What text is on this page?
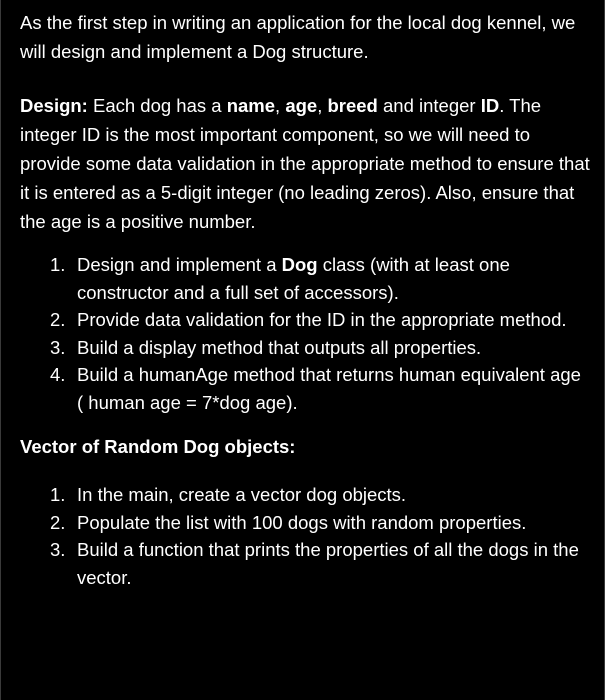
As the first step in writing an application for the local dog kennel, we will design and implement a Dog structure.

Design: Each dog has a name, age, breed and integer ID. The integer ID is the most important component, so we will need to provide some data validation in the appropriate method to ensure that it is entered as a 5-digit integer (no leading zeros). Also, ensure that the age is a positive number.

1. Design and implement a Dog class (with at least one constructor and a full set of accessors).
2. Provide data validation for the ID in the appropriate method.
3. Build a display method that outputs all properties.
4. Build a humanAge method that returns human equivalent age ( human age = 7*dog age).

Vector of Random Dog objects:

1. In the main, create a vector dog objects.
2. Populate the list with 100 dogs with random properties.
3. Build a function that prints the properties of all the dogs in the vector.
